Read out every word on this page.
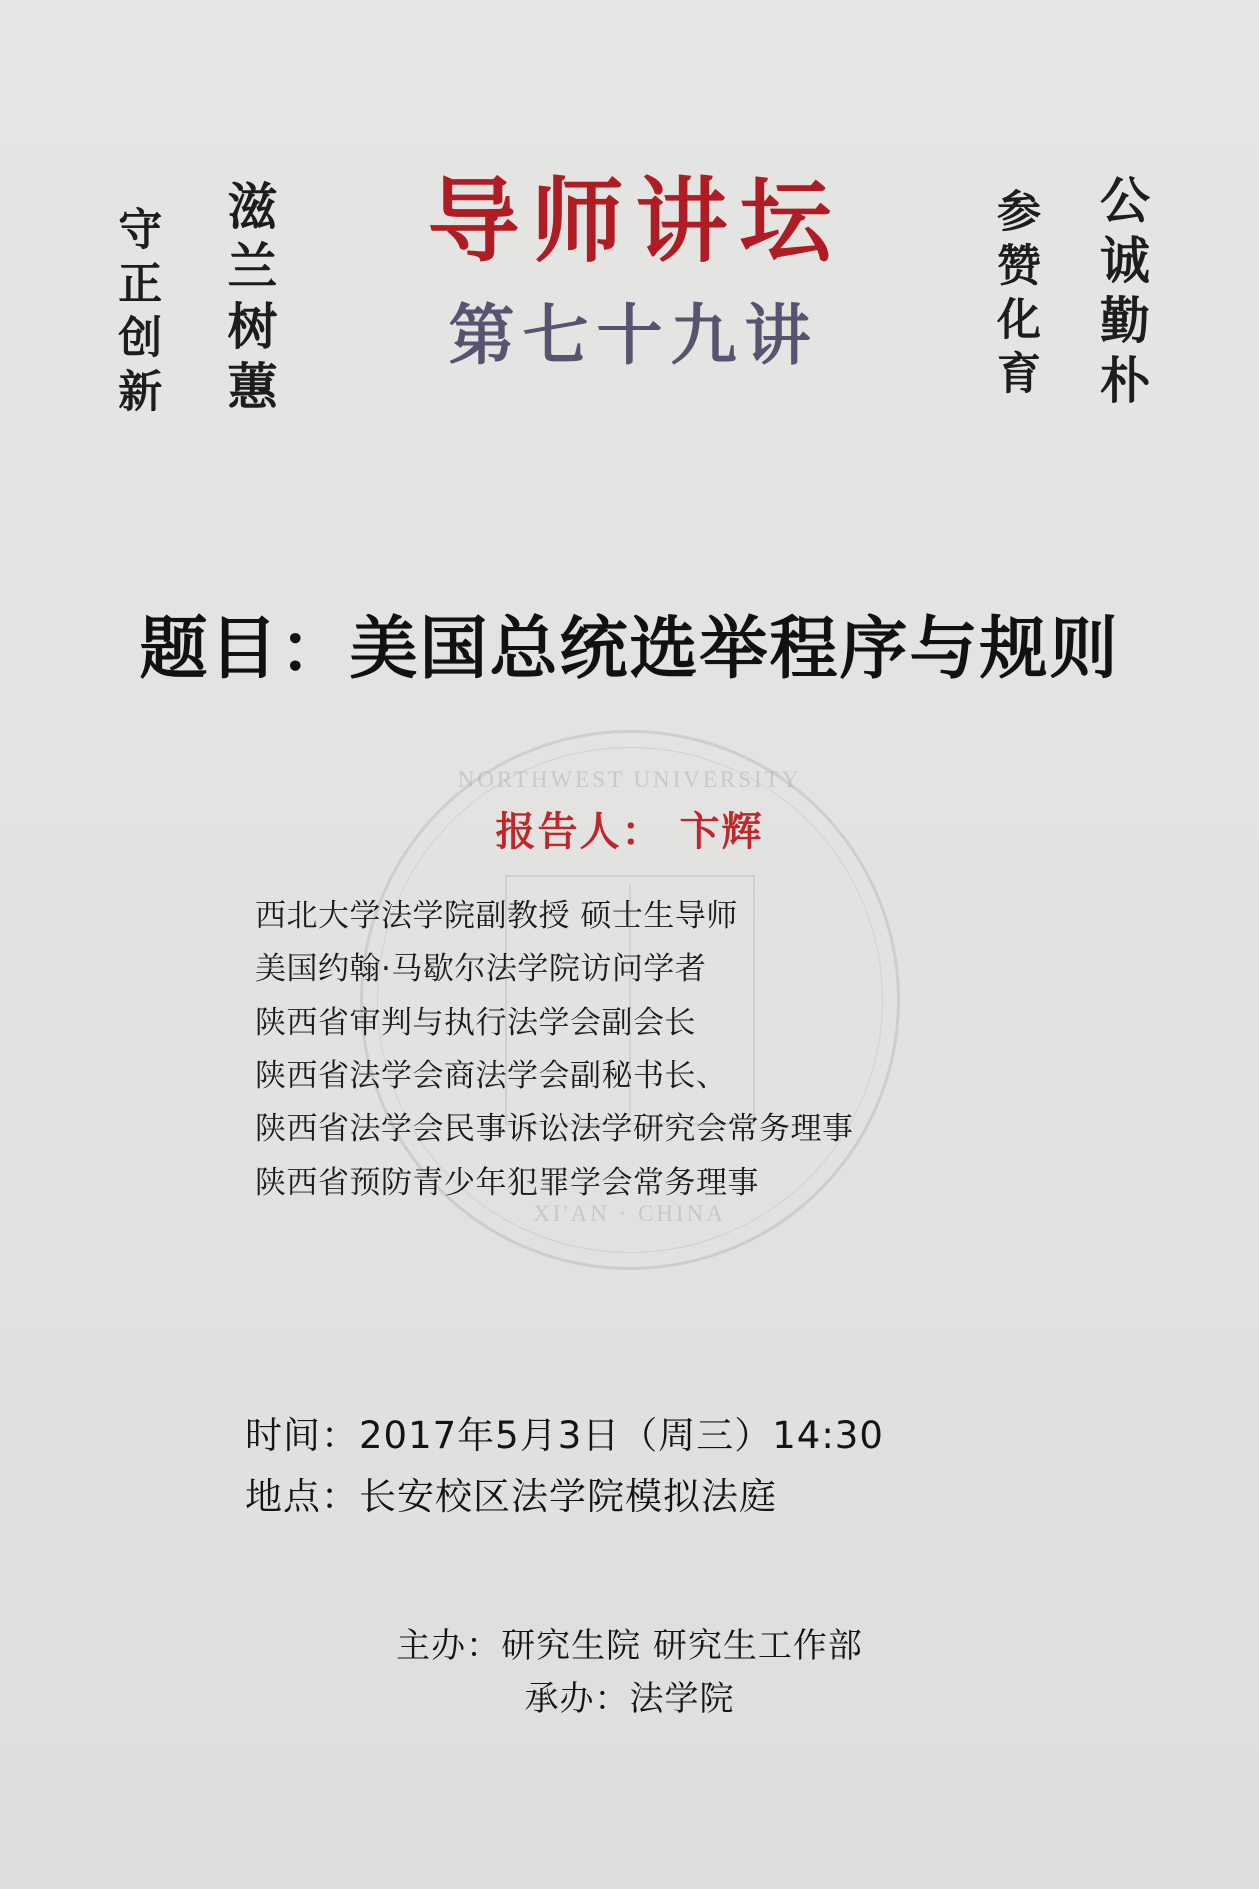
NORTHWEST UNIVERSITY
XI'AN · CHINA
守正创新 滋兰树蕙	导师讲坛
第七十九讲	参赞化育 公诚勤朴
题目：美国总统选举程序与规则
报告人： 卞辉
西北大学法学院副教授 硕士生导师
美国约翰·马歇尔法学院访问学者
陕西省审判与执行法学会副会长
陕西省法学会商法学会副秘书长、
陕西省法学会民事诉讼法学研究会常务理事
陕西省预防青少年犯罪学会常务理事
时间：2017年5月3日（周三）14:30
地点：长安校区法学院模拟法庭
主办：研究生院 研究生工作部
承办：法学院
